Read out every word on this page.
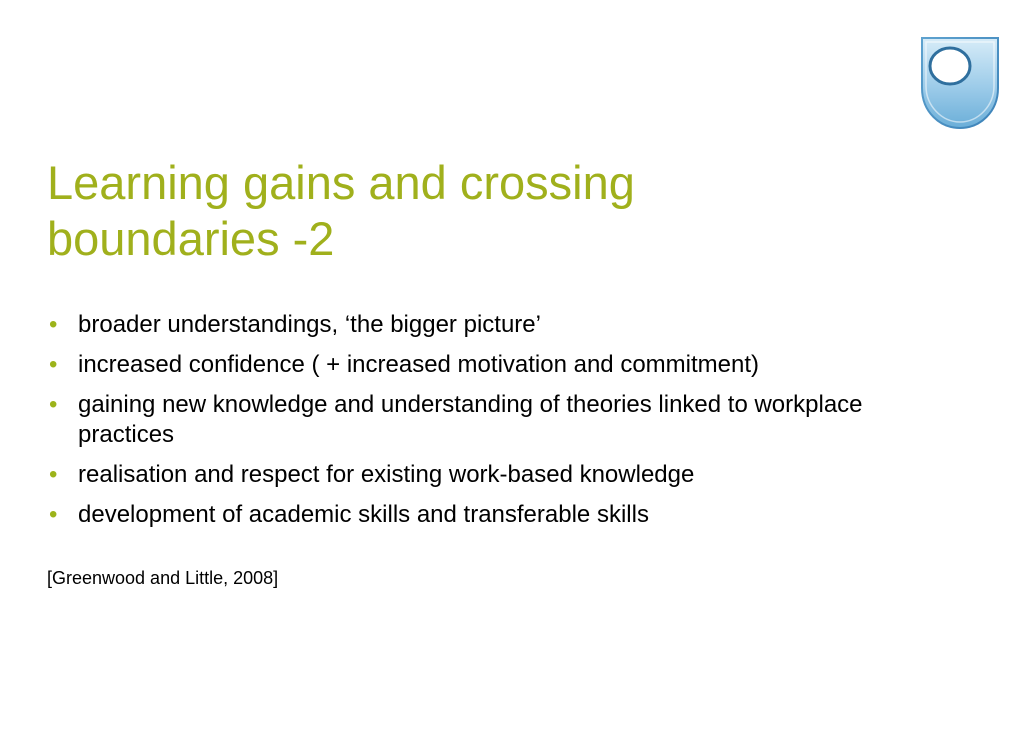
Learning gains and crossing
boundaries -2
• broader understandings, ‘the bigger picture’
• increased confidence ( + increased motivation and commitment)
• gaining new knowledge and understanding of theories linked to workplace practices
• realisation and respect for existing work-based knowledge
• development of academic skills and transferable skills

[Greenwood and Little, 2008]
